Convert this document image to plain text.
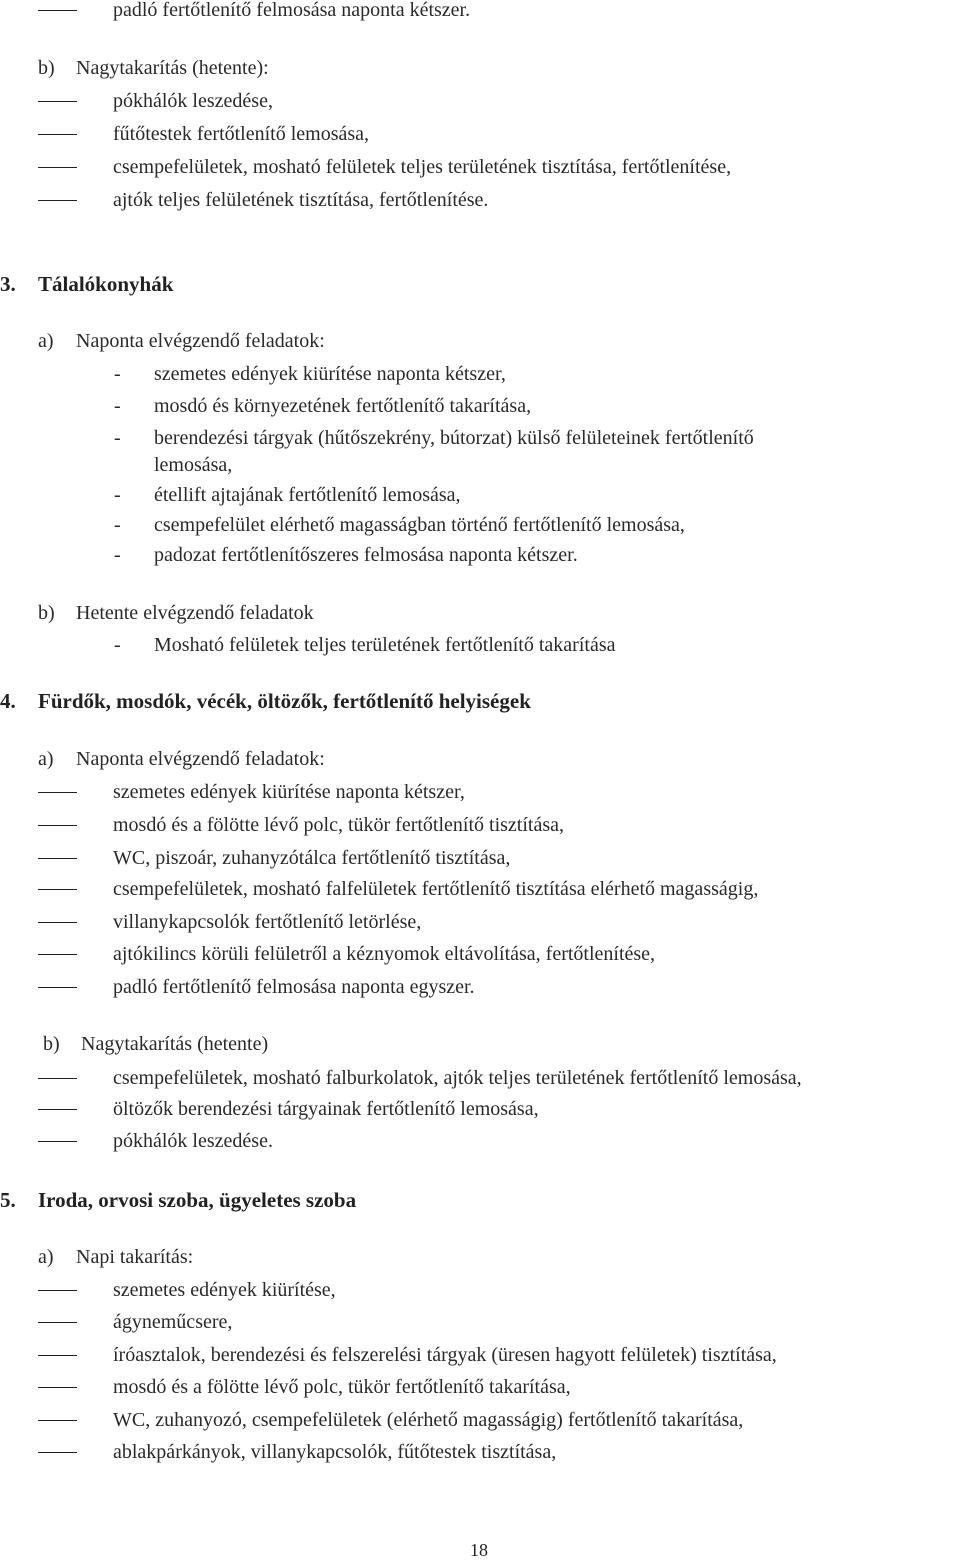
padló fertőtlenítő felmosása naponta kétszer.
b) Nagytakarítás (hetente):
pókhálók leszedése,
fűtőtestek fertőtlenítő lemosása,
csempefelületek, mosható felületek teljes területének tisztítása, fertőtlenítése,
ajtók teljes felületének tisztítása, fertőtlenítése.
3. Tálalókonyhák
a) Naponta elvégzendő feladatok:
- szemetes edények kiürítése naponta kétszer,
- mosdó és környezetének fertőtlenítő takarítása,
- berendezési tárgyak (hűtőszekrény, bútorzat) külső felületeinek fertőtlenítő
lemosása,
- étellift ajtajának fertőtlenítő lemosása,
- csempefelület elérhető magasságban történő fertőtlenítő lemosása,
- padozat fertőtlenítőszeres felmosása naponta kétszer.
b) Hetente elvégzendő feladatok
- Mosható felületek teljes területének fertőtlenítő takarítása
4. Fürdők, mosdók, vécék, öltözők, fertőtlenítő helyiségek
a) Naponta elvégzendő feladatok:
szemetes edények kiürítése naponta kétszer,
mosdó és a fölötte lévő polc, tükör fertőtlenítő tisztítása,
WC, piszoár, zuhanyzótálca fertőtlenítő tisztítása,
csempefelületek, mosható falfelületek fertőtlenítő tisztítása elérhető magasságig,
villanykapcsolók fertőtlenítő letörlése,
ajtókilincs körüli felületről a kéznyomok eltávolítása, fertőtlenítése,
padló fertőtlenítő felmosása naponta egyszer.
b) Nagytakarítás (hetente)
csempefelületek, mosható falburkolatok, ajtók teljes területének fertőtlenítő lemosása,
öltözők berendezési tárgyainak fertőtlenítő lemosása,
pókhálók leszedése.
5. Iroda, orvosi szoba, ügyeletes szoba
a) Napi takarítás:
szemetes edények kiürítése,
ágyneműcsere,
íróasztalok, berendezési és felszerelési tárgyak (üresen hagyott felületek) tisztítása,
mosdó és a fölötte lévő polc, tükör fertőtlenítő takarítása,
WC, zuhanyozó, csempefelületek (elérhető magasságig) fertőtlenítő takarítása,
ablakpárkányok, villanykapcsolók, fűtőtestek tisztítása,
18
